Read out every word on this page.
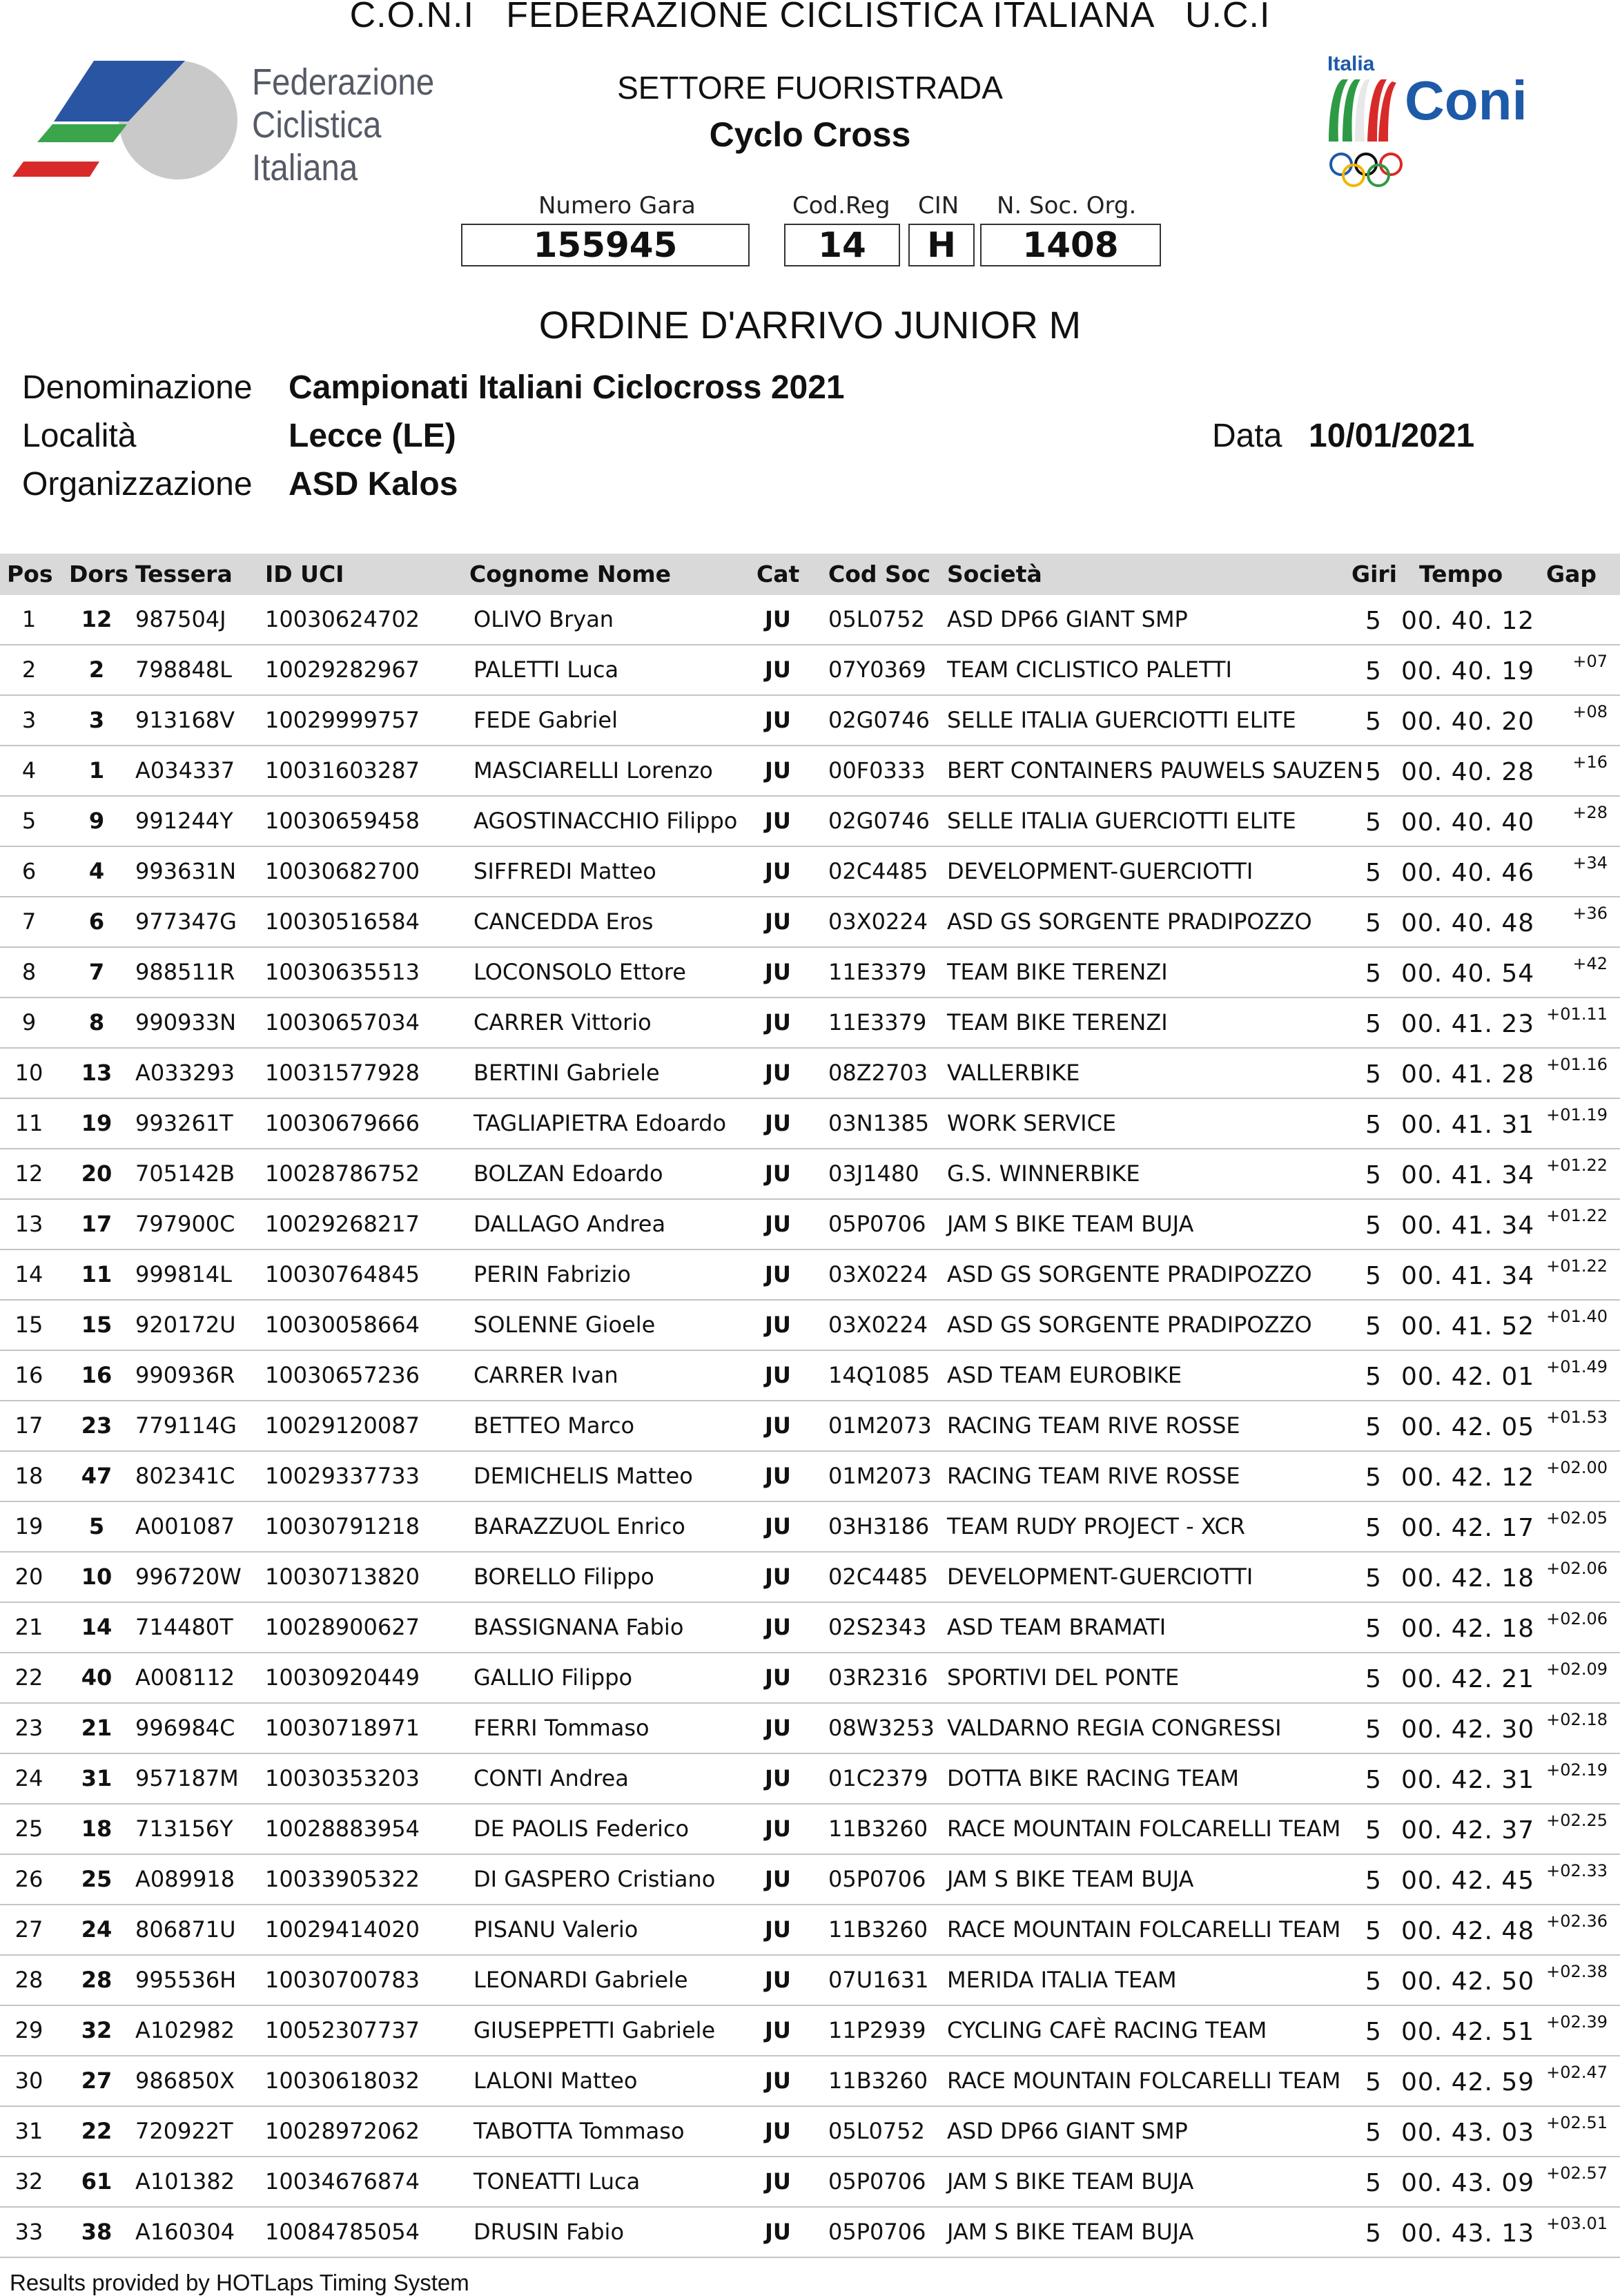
C.O.N.I   FEDERAZIONE CICLISTICA ITALIANA   U.C.I
SETTORE FUORISTRADA
Cyclo Cross
Federazione
Ciclistica
Italiana
Italia
Coni
Numero Gara
155945
Cod.Reg
14
CIN
H
N. Soc. Org.
1408
ORDINE D'ARRIVO JUNIOR M
Denominazione Campionati Italiani Ciclocross 2021
Località	Lecce (LE)	Data 10/01/2021
Organizzazione ASD Kalos
Pos Dors Tessera ID UCI	Cognome Nome	Cat Cod Soc Società	Giri Tempo Gap
1	12	987504J 10030624702 OLIVO Bryan	JU 05L0752 ASD DP66 GIANT SMP	5 00. 40. 12
2	2	798848L 10029282967 PALETTI Luca	JU 07Y0369 TEAM CICLISTICO PALETTI	5 00. 40. 19 +07
3	3	913168V 10029999757 FEDE Gabriel	JU 02G0746 SELLE ITALIA GUERCIOTTI ELITE	5 00. 40. 20 +08
4	1	A034337 10031603287 MASCIARELLI Lorenzo JU 00F0333 BERT CONTAINERS PAUWELS SAUZEN 5 00. 40. 28 +16
5	9	991244Y 10030659458 AGOSTINACCHIO Filippo JU 02G0746 SELLE ITALIA GUERCIOTTI ELITE	5 00. 40. 40 +28
6	4	993631N 10030682700 SIFFREDI Matteo	JU 02C4485 DEVELOPMENT-GUERCIOTTI	5 00. 40. 46 +34
7	6	977347G 10030516584 CANCEDDA Eros	JU 03X0224 ASD GS SORGENTE PRADIPOZZO 5 00. 40. 48 +36
8	7	988511R 10030635513 LOCONSOLO Ettore	JU 11E3379 TEAM BIKE TERENZI	5 00. 40. 54 +42
9	8	990933N 10030657034 CARRER Vittorio	JU 11E3379 TEAM BIKE TERENZI	5 00. 41. 23 +01.11
10	13	A033293 10031577928 BERTINI Gabriele	JU 08Z2703 VALLERBIKE	5 00. 41. 28 +01.16
11	19	993261T 10030679666 TAGLIAPIETRA Edoardo JU 03N1385 WORK SERVICE	5 00. 41. 31 +01.19
12	20	705142B 10028786752 BOLZAN Edoardo	JU 03J1480 G.S. WINNERBIKE	5 00. 41. 34 +01.22
13	17	797900C 10029268217 DALLAGO Andrea	JU 05P0706 JAM S BIKE TEAM BUJA	5 00. 41. 34 +01.22
14	11	999814L 10030764845 PERIN Fabrizio	JU 03X0224 ASD GS SORGENTE PRADIPOZZO 5 00. 41. 34 +01.22
15	15	920172U 10030058664 SOLENNE Gioele	JU 03X0224 ASD GS SORGENTE PRADIPOZZO 5 00. 41. 52 +01.40
16	16	990936R 10030657236 CARRER Ivan	JU 14Q1085 ASD TEAM EUROBIKE	5 00. 42. 01 +01.49
17	23	779114G 10029120087 BETTEO Marco	JU 01M2073 RACING TEAM RIVE ROSSE	5 00. 42. 05 +01.53
18	47	802341C 10029337733 DEMICHELIS Matteo	JU 01M2073 RACING TEAM RIVE ROSSE	5 00. 42. 12 +02.00
19	5	A001087 10030791218 BARAZZUOL Enrico	JU 03H3186 TEAM RUDY PROJECT - XCR	5 00. 42. 17 +02.05
20	10	996720W 10030713820 BORELLO Filippo	JU 02C4485 DEVELOPMENT-GUERCIOTTI	5 00. 42. 18 +02.06
21	14	714480T 10028900627 BASSIGNANA Fabio	JU 02S2343 ASD TEAM BRAMATI	5 00. 42. 18 +02.06
22	40	A008112 10030920449 GALLIO Filippo	JU 03R2316 SPORTIVI DEL PONTE	5 00. 42. 21 +02.09
23	21	996984C 10030718971 FERRI Tommaso	JU 08W3253 VALDARNO REGIA CONGRESSI	5 00. 42. 30 +02.18
24	31	957187M 10030353203 CONTI Andrea	JU 01C2379 DOTTA BIKE RACING TEAM	5 00. 42. 31 +02.19
25	18	713156Y 10028883954 DE PAOLIS Federico	JU 11B3260 RACE MOUNTAIN FOLCARELLI TEAM 5 00. 42. 37 +02.25
26	25	A089918 10033905322 DI GASPERO Cristiano JU 05P0706 JAM S BIKE TEAM BUJA	5 00. 42. 45 +02.33
27	24	806871U 10029414020 PISANU Valerio	JU 11B3260 RACE MOUNTAIN FOLCARELLI TEAM 5 00. 42. 48 +02.36
28	28	995536H 10030700783 LEONARDI Gabriele	JU 07U1631 MERIDA ITALIA TEAM	5 00. 42. 50 +02.38
29	32	A102982 10052307737 GIUSEPPETTI Gabriele JU 11P2939 CYCLING CAFÈ RACING TEAM	5 00. 42. 51 +02.39
30	27	986850X 10030618032 LALONI Matteo	JU 11B3260 RACE MOUNTAIN FOLCARELLI TEAM 5 00. 42. 59 +02.47
31	22	720922T 10028972062 TABOTTA Tommaso	JU 05L0752 ASD DP66 GIANT SMP	5 00. 43. 03 +02.51
32	61	A101382 10034676874 TONEATTI Luca	JU 05P0706 JAM S BIKE TEAM BUJA	5 00. 43. 09 +02.57
33	38	A160304 10084785054 DRUSIN Fabio	JU 05P0706 JAM S BIKE TEAM BUJA	5 00. 43. 13 +03.01
Results provided by HOTLaps Timing System
